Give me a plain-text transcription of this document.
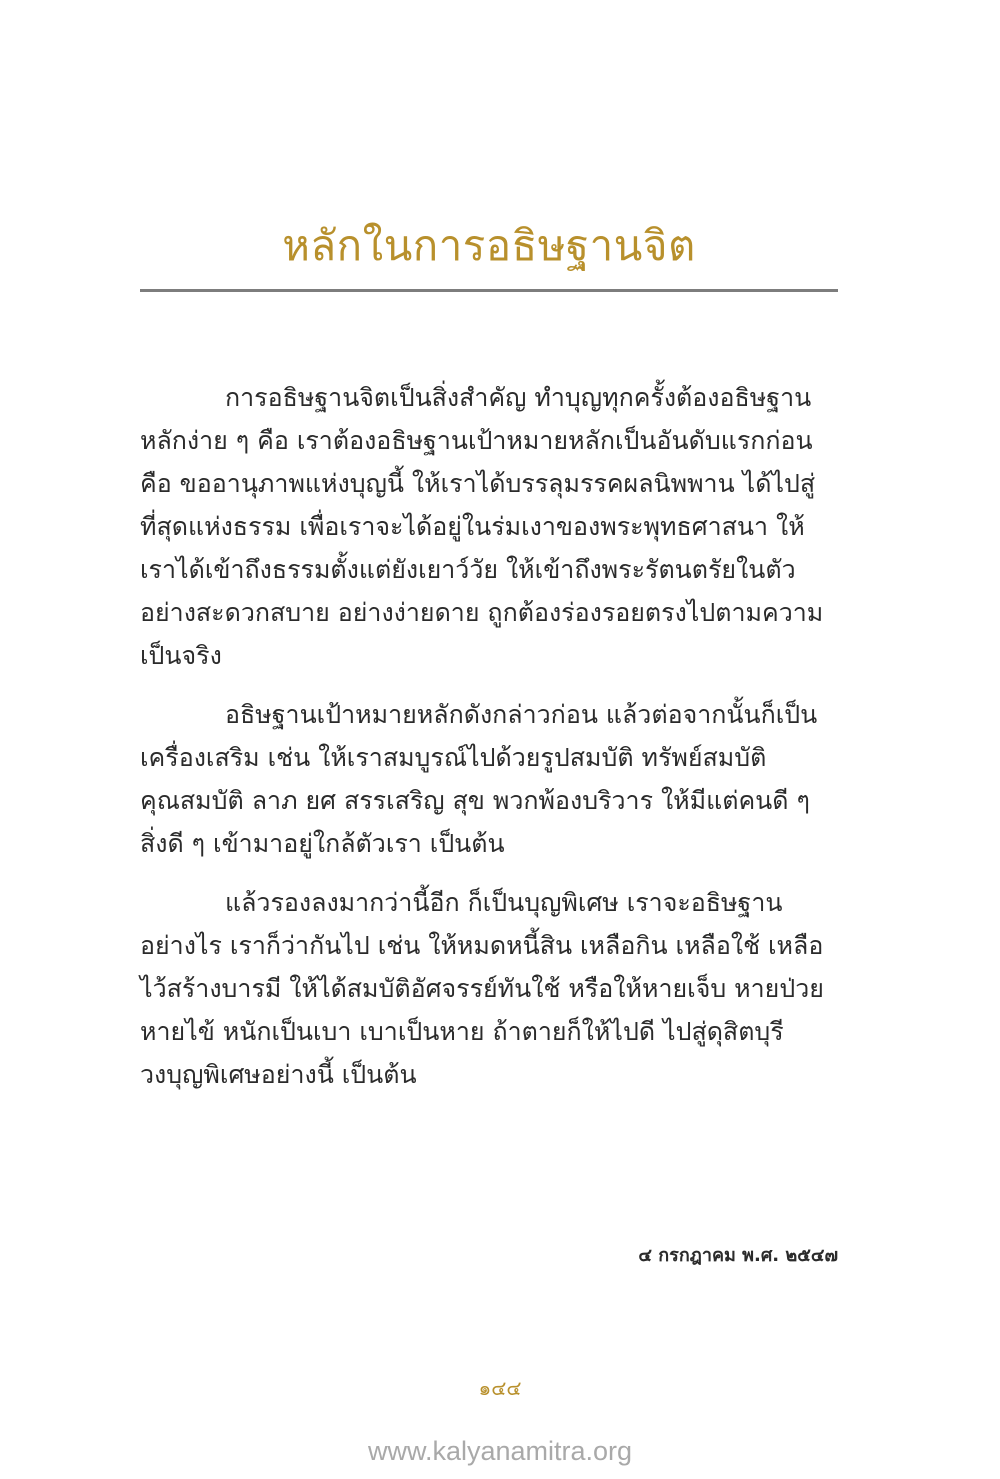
หลักในการอธิษฐานจิต

การอธิษฐานจิตเป็นสิ่งสำคัญ ทำบุญทุกครั้งต้องอธิษฐาน
หลักง่าย ๆ คือ เราต้องอธิษฐานเป้าหมายหลักเป็นอันดับแรกก่อน
คือ ขออานุภาพแห่งบุญนี้ ให้เราได้บรรลุมรรคผลนิพพาน ได้ไปสู่
ที่สุดแห่งธรรม เพื่อเราจะได้อยู่ในร่มเงาของพระพุทธศาสนา ให้
เราได้เข้าถึงธรรมตั้งแต่ยังเยาว์วัย ให้เข้าถึงพระรัตนตรัยในตัว
อย่างสะดวกสบาย อย่างง่ายดาย ถูกต้องร่องรอยตรงไปตามความ
เป็นจริง

อธิษฐานเป้าหมายหลักดังกล่าวก่อน แล้วต่อจากนั้นก็เป็น
เครื่องเสริม เช่น ให้เราสมบูรณ์ไปด้วยรูปสมบัติ ทรัพย์สมบัติ
คุณสมบัติ ลาภ ยศ สรรเสริญ สุข พวกพ้องบริวาร ให้มีแต่คนดี ๆ
สิ่งดี ๆ เข้ามาอยู่ใกล้ตัวเรา เป็นต้น

แล้วรองลงมากว่านี้อีก ก็เป็นบุญพิเศษ เราจะอธิษฐาน
อย่างไร เราก็ว่ากันไป เช่น ให้หมดหนี้สิน เหลือกิน เหลือใช้ เหลือ
ไว้สร้างบารมี ให้ได้สมบัติอัศจรรย์ทันใช้ หรือให้หายเจ็บ หายป่วย
หายไข้ หนักเป็นเบา เบาเป็นหาย ถ้าตายก็ให้ไปดี ไปสู่ดุสิตบุรี
วงบุญพิเศษอย่างนี้ เป็นต้น

๔ กรกฎาคม พ.ศ. ๒๕๔๗
๑๔๔
www.kalyanamitra.org
